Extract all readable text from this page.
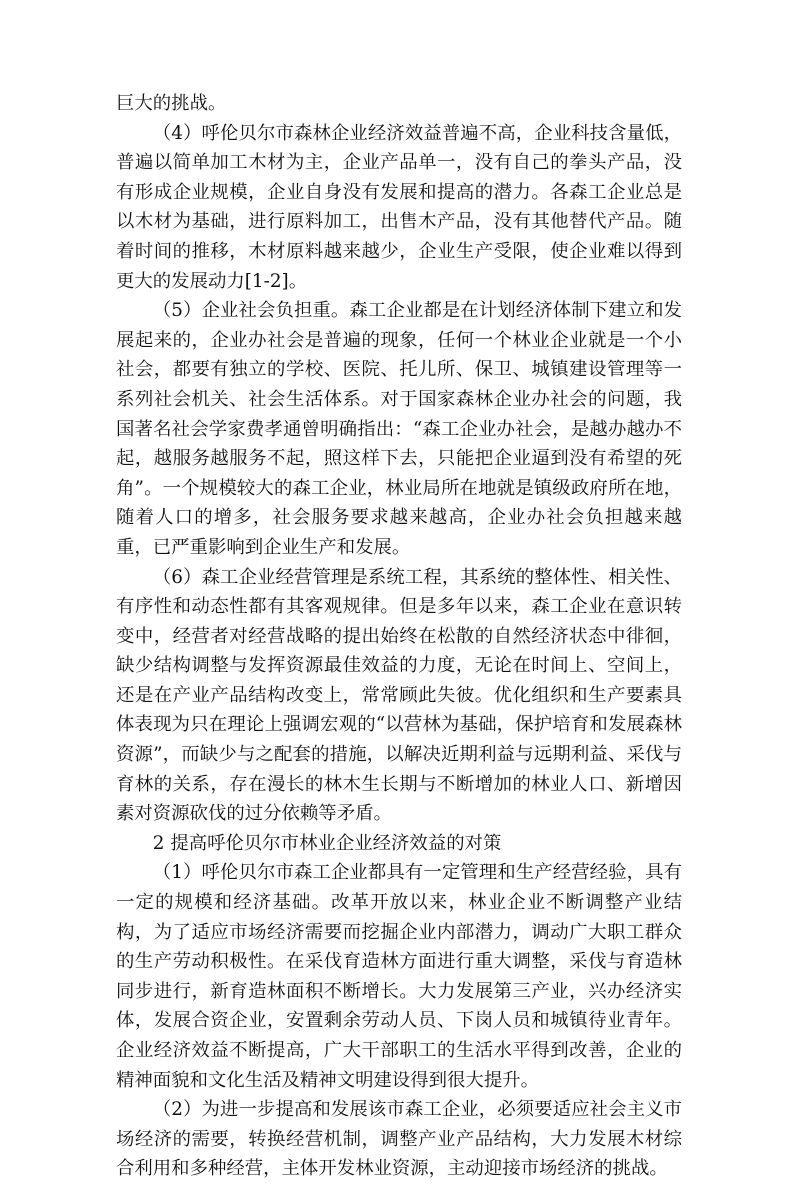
巨大的挑战。

（4）呼伦贝尔市森林企业经济效益普遍不高，企业科技含量低，普遍以简单加工木材为主，企业产品单一，没有自己的拳头产品，没有形成企业规模，企业自身没有发展和提高的潜力。各森工企业总是以木材为基础，进行原料加工，出售木产品，没有其他替代产品。随着时间的推移，木材原料越来越少，企业生产受限，使企业难以得到更大的发展动力[1-2]。

（5）企业社会负担重。森工企业都是在计划经济体制下建立和发展起来的，企业办社会是普遍的现象，任何一个林业企业就是一个小社会，都要有独立的学校、医院、托儿所、保卫、城镇建设管理等一系列社会机关、社会生活体系。对于国家森林企业办社会的问题，我国著名社会学家费孝通曾明确指出：“森工企业办社会，是越办越办不起，越服务越服务不起，照这样下去，只能把企业逼到没有希望的死角”。一个规模较大的森工企业，林业局所在地就是镇级政府所在地，随着人口的增多，社会服务要求越来越高，企业办社会负担越来越重，已严重影响到企业生产和发展。

（6）森工企业经营管理是系统工程，其系统的整体性、相关性、有序性和动态性都有其客观规律。但是多年以来，森工企业在意识转变中，经营者对经营战略的提出始终在松散的自然经济状态中徘徊，缺少结构调整与发挥资源最佳效益的力度，无论在时间上、空间上，还是在产业产品结构改变上，常常顾此失彼。优化组织和生产要素具体表现为只在理论上强调宏观的“以营林为基础，保护培育和发展森林资源”，而缺少与之配套的措施，以解决近期利益与远期利益、采伐与育林的关系，存在漫长的林木生长期与不断增加的林业人口、新增因素对资源砍伐的过分依赖等矛盾。

2 提高呼伦贝尔市林业企业经济效益的对策

（1）呼伦贝尔市森工企业都具有一定管理和生产经营经验，具有一定的规模和经济基础。改革开放以来，林业企业不断调整产业结构，为了适应市场经济需要而挖掘企业内部潜力，调动广大职工群众的生产劳动积极性。在采伐育造林方面进行重大调整，采伐与育造林同步进行，新育造林面积不断增长。大力发展第三产业，兴办经济实体，发展合资企业，安置剩余劳动人员、下岗人员和城镇待业青年。企业经济效益不断提高，广大干部职工的生活水平得到改善，企业的精神面貌和文化生活及精神文明建设得到很大提升。

（2）为进一步提高和发展该市森工企业，必须要适应社会主义市场经济的需要，转换经营机制，调整产业产品结构，大力发展木材综合利用和多种经营，主体开发林业资源，主动迎接市场经济的挑战。
